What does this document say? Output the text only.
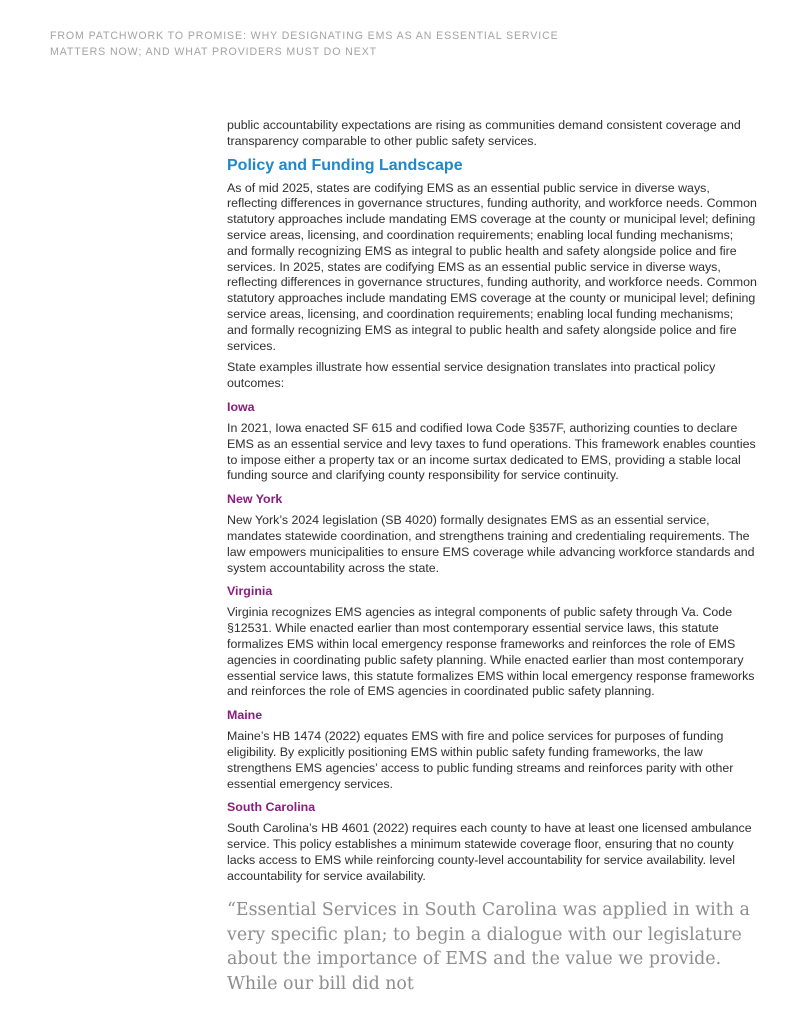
FROM PATCHWORK TO PROMISE: WHY DESIGNATING EMS AS AN ESSENTIAL SERVICE MATTERS NOW; AND WHAT PROVIDERS MUST DO NEXT

public accountability expectations are rising as communities demand consistent coverage and transparency comparable to other public safety services.

Policy and Funding Landscape

As of mid 2025, states are codifying EMS as an essential public service in diverse ways, reflecting differences in governance structures, funding authority, and workforce needs. Common statutory approaches include mandating EMS coverage at the county or municipal level; defining service areas, licensing, and coordination requirements; enabling local funding mechanisms; and formally recognizing EMS as integral to public health and safety alongside police and fire services. In 2025, states are codifying EMS as an essential public service in diverse ways, reflecting differences in governance structures, funding authority, and workforce needs. Common statutory approaches include mandating EMS coverage at the county or municipal level; defining service areas, licensing, and coordination requirements; enabling local funding mechanisms; and formally recognizing EMS as integral to public health and safety alongside police and fire services.

State examples illustrate how essential service designation translates into practical policy outcomes:

Iowa

In 2021, Iowa enacted SF 615 and codified Iowa Code §357F, authorizing counties to declare EMS as an essential service and levy taxes to fund operations. This framework enables counties to impose either a property tax or an income surtax dedicated to EMS, providing a stable local funding source and clarifying county responsibility for service continuity.

New York

New York’s 2024 legislation (SB 4020) formally designates EMS as an essential service, mandates statewide coordination, and strengthens training and credentialing requirements. The law empowers municipalities to ensure EMS coverage while advancing workforce standards and system accountability across the state.

Virginia

Virginia recognizes EMS agencies as integral components of public safety through Va. Code §12531. While enacted earlier than most contemporary essential service laws, this statute formalizes EMS within local emergency response frameworks and reinforces the role of EMS agencies in coordinating public safety planning. While enacted earlier than most contemporary essential service laws, this statute formalizes EMS within local emergency response frameworks and reinforces the role of EMS agencies in coordinated public safety planning.

Maine

Maine’s HB 1474 (2022) equates EMS with fire and police services for purposes of funding eligibility. By explicitly positioning EMS within public safety funding frameworks, the law strengthens EMS agencies’ access to public funding streams and reinforces parity with other essential emergency services.

South Carolina

South Carolina’s HB 4601 (2022) requires each county to have at least one licensed ambulance service. This policy establishes a minimum statewide coverage floor, ensuring that no county lacks access to EMS while reinforcing county-level accountability for service availability. level accountability for service availability.

“Essential Services in South Carolina was applied in with a very specific plan; to begin a dialogue with our legislature about the importance of EMS and the value we provide. While our bill did not
